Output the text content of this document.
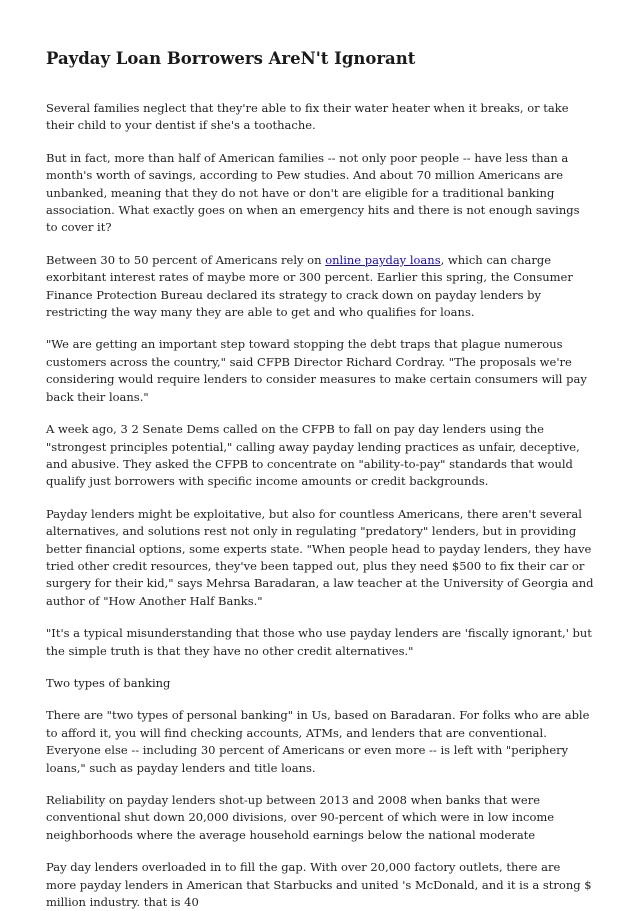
Payday Loan Borrowers AreN't Ignorant

Several families neglect that they're able to fix their water heater when it breaks, or take their child to your dentist if she's a toothache.

But in fact, more than half of American families -- not only poor people -- have less than a month's worth of savings, according to Pew studies. And about 70 million Americans are unbanked, meaning that they do not have or don't are eligible for a traditional banking association. What exactly goes on when an emergency hits and there is not enough savings to cover it?

Between 30 to 50 percent of Americans rely on online payday loans, which can charge exorbitant interest rates of maybe more or 300 percent. Earlier this spring, the Consumer Finance Protection Bureau declared its strategy to crack down on payday lenders by restricting the way many they are able to get and who qualifies for loans.

"We are getting an important step toward stopping the debt traps that plague numerous customers across the country," said CFPB Director Richard Cordray. "The proposals we're considering would require lenders to consider measures to make certain consumers will pay back their loans."

A week ago, 3 2 Senate Dems called on the CFPB to fall on pay day lenders using the "strongest principles potential," calling away payday lending practices as unfair, deceptive, and abusive. They asked the CFPB to concentrate on "ability-to-pay" standards that would qualify just borrowers with specific income amounts or credit backgrounds.

Payday lenders might be exploitative, but also for countless Americans, there aren't several alternatives, and solutions rest not only in regulating "predatory" lenders, but in providing better financial options, some experts state. "When people head to payday lenders, they have tried other credit resources, they've been tapped out, plus they need $500 to fix their car or surgery for their kid," says Mehrsa Baradaran, a law teacher at the University of Georgia and author of "How Another Half Banks."

"It's a typical misunderstanding that those who use payday lenders are 'fiscally ignorant,' but the simple truth is that they have no other credit alternatives."

Two types of banking

There are "two types of personal banking" in Us, based on Baradaran. For folks who are able to afford it, you will find checking accounts, ATMs, and lenders that are conventional. Everyone else -- including 30 percent of Americans or even more -- is left with "periphery loans," such as payday lenders and title loans.

Reliability on payday lenders shot-up between 2013 and 2008 when banks that were conventional shut down 20,000 divisions, over 90-percent of which were in low income neighborhoods where the average household earnings below the national moderate

Pay day lenders overloaded in to fill the gap. With over 20,000 factory outlets, there are more payday lenders in American that Starbucks and united 's McDonald, and it is a strong $ million industry. that is 40
